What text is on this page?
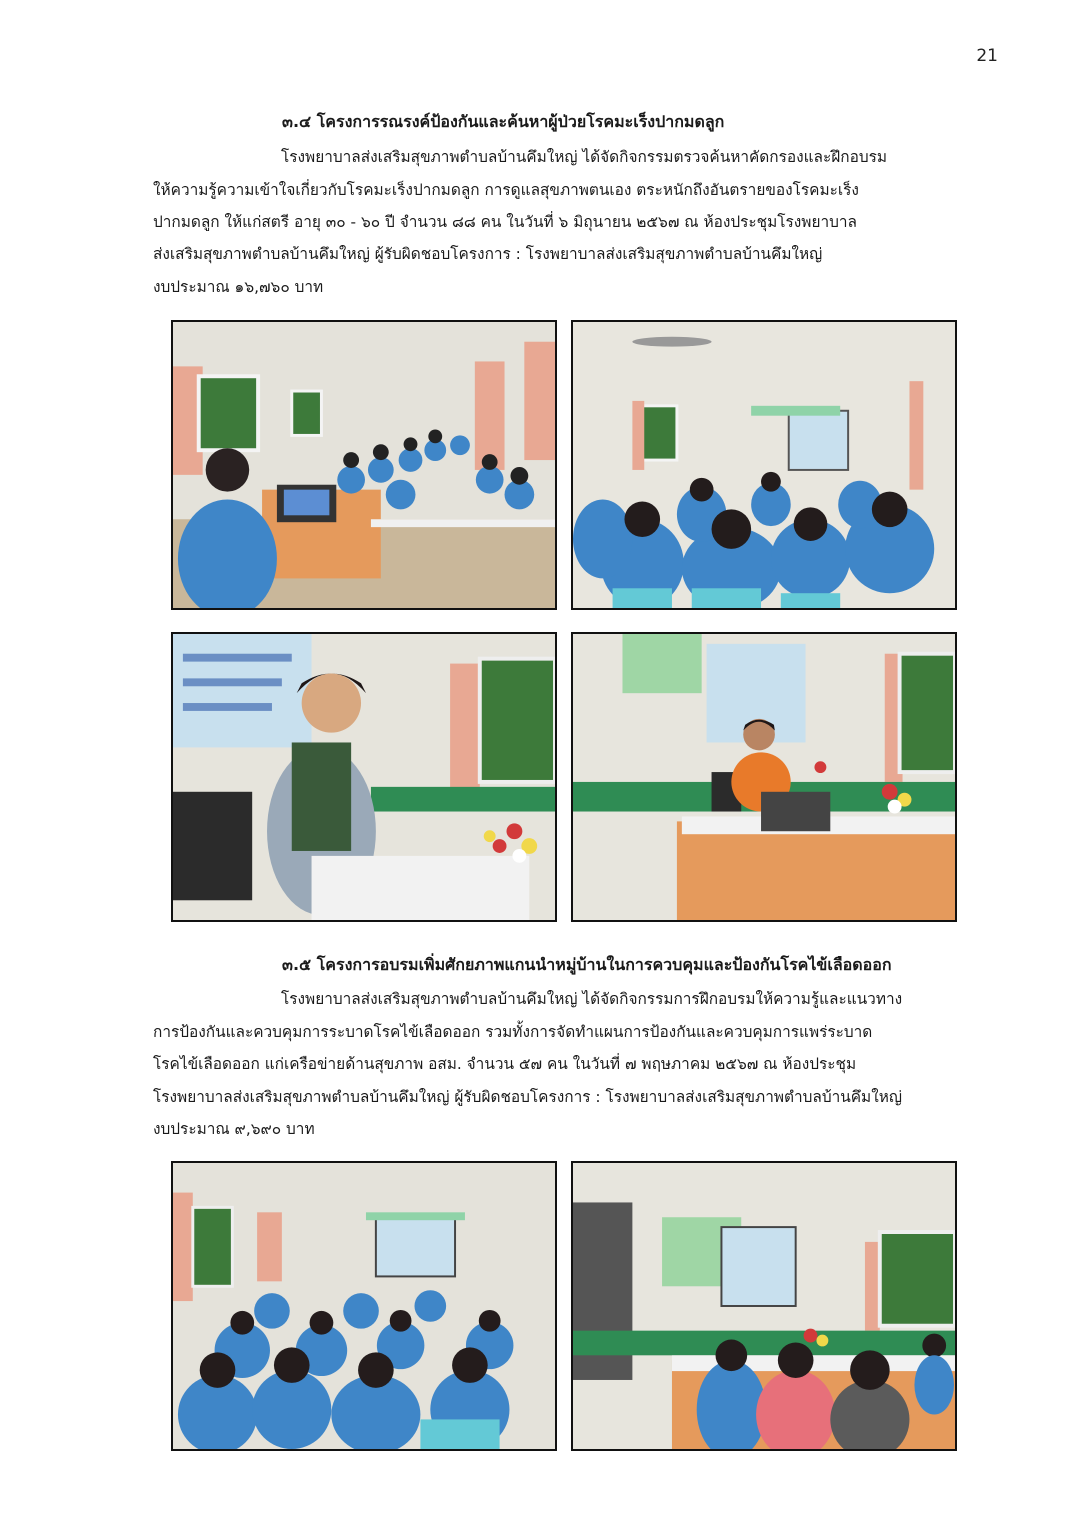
21
๓.๔ โครงการรณรงค์ป้องกันและค้นหาผู้ป่วยโรคมะเร็งปากมดลูก
โรงพยาบาลส่งเสริมสุขภาพตำบลบ้านคึมใหญ่ ได้จัดกิจกรรมตรวจค้นหาคัดกรองและฝึกอบรม
ให้ความรู้ความเข้าใจเกี่ยวกับโรคมะเร็งปากมดลูก การดูแลสุขภาพตนเอง ตระหนักถึงอันตรายของโรคมะเร็ง
ปากมดลูก ให้แก่สตรี อายุ ๓๐ - ๖๐ ปี จำนวน ๘๘ คน ในวันที่ ๖ มิถุนายน ๒๕๖๗ ณ ห้องประชุมโรงพยาบาล
ส่งเสริมสุขภาพตำบลบ้านคึมใหญ่ ผู้รับผิดชอบโครงการ : โรงพยาบาลส่งเสริมสุขภาพตำบลบ้านคึมใหญ่
งบประมาณ ๑๖,๗๖๐ บาท
๓.๕ โครงการอบรมเพิ่มศักยภาพแกนนำหมู่บ้านในการควบคุมและป้องกันโรคไข้เลือดออก
โรงพยาบาลส่งเสริมสุขภาพตำบลบ้านคึมใหญ่ ได้จัดกิจกรรมการฝึกอบรมให้ความรู้และแนวทาง
การป้องกันและควบคุมการระบาดโรคไข้เลือดออก รวมทั้งการจัดทำแผนการป้องกันและควบคุมการแพร่ระบาด
โรคไข้เลือดออก แก่เครือข่ายด้านสุขภาพ อสม. จำนวน ๕๗ คน ในวันที่ ๗ พฤษภาคม ๒๕๖๗ ณ ห้องประชุม
โรงพยาบาลส่งเสริมสุขภาพตำบลบ้านคึมใหญ่ ผู้รับผิดชอบโครงการ : โรงพยาบาลส่งเสริมสุขภาพตำบลบ้านคึมใหญ่
งบประมาณ ๙,๖๙๐ บาท
